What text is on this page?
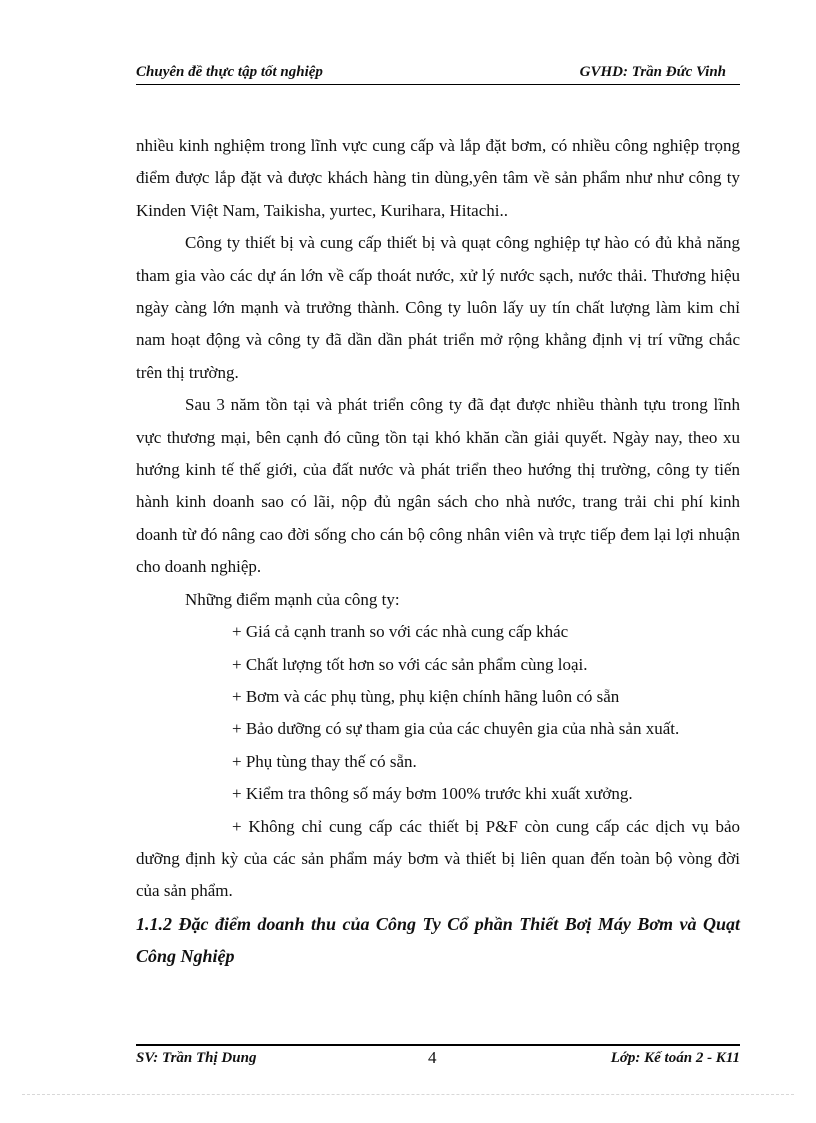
Chuyên đề thực tập tốt nghiệp	GVHD: Trần Đức Vinh

nhiều kinh nghiệm trong lĩnh vực cung cấp và lắp đặt bơm, có nhiều công nghiệp trọng điểm được lắp đặt và được khách hàng tin dùng,yên tâm về sản phẩm như như công ty Kinden Việt Nam, Taikisha, yurtec, Kurihara, Hitachi..

Công ty thiết bị và cung cấp thiết bị và quạt công nghiệp tự hào có đủ khả năng tham gia vào các dự án lớn về cấp thoát nước, xử lý nước sạch, nước thải. Thương hiệu ngày càng lớn mạnh và trưởng thành. Công ty luôn lấy uy tín chất lượng làm kim chỉ nam hoạt động và công ty đã dần dần phát triển mở rộng khẳng định vị trí vững chắc trên thị trường.

Sau 3 năm tồn tại và phát triển công ty đã đạt được nhiều thành tựu trong lĩnh vực thương mại, bên cạnh đó cũng tồn tại khó khăn cần giải quyết. Ngày nay, theo xu hướng kinh tế thế giới, của đất nước và phát triển theo hướng thị trường, công ty tiến hành kinh doanh sao có lãi, nộp đủ ngân sách cho nhà nước, trang trải chi phí kinh doanh từ đó nâng cao đời sống cho cán bộ công nhân viên và trực tiếp đem lại lợi nhuận cho doanh nghiệp.

Những điểm mạnh của công ty:

+ Giá cả cạnh tranh so với các nhà cung cấp khác

+ Chất lượng tốt hơn so với các sản phẩm cùng loại.

+ Bơm và các phụ tùng, phụ kiện chính hãng luôn có sẵn

+ Bảo dưỡng có sự tham gia của các chuyên gia của nhà sản xuất.

+ Phụ tùng thay thế có sẵn.

+ Kiểm tra thông số máy bơm 100% trước khi xuất xưởng.

+ Không chỉ cung cấp các thiết bị P&F còn cung cấp các dịch vụ bảo dưỡng định kỳ của các sản phẩm máy bơm và thiết bị liên quan đến toàn bộ vòng đời của sản phẩm.

1.1.2 Đặc điểm doanh thu của Công Ty Cổ phần Thiết Bơị Máy Bơm và Quạt Công Nghiệp

SV: Trần Thị Dung	4	Lớp: Kế toán 2 - K11
